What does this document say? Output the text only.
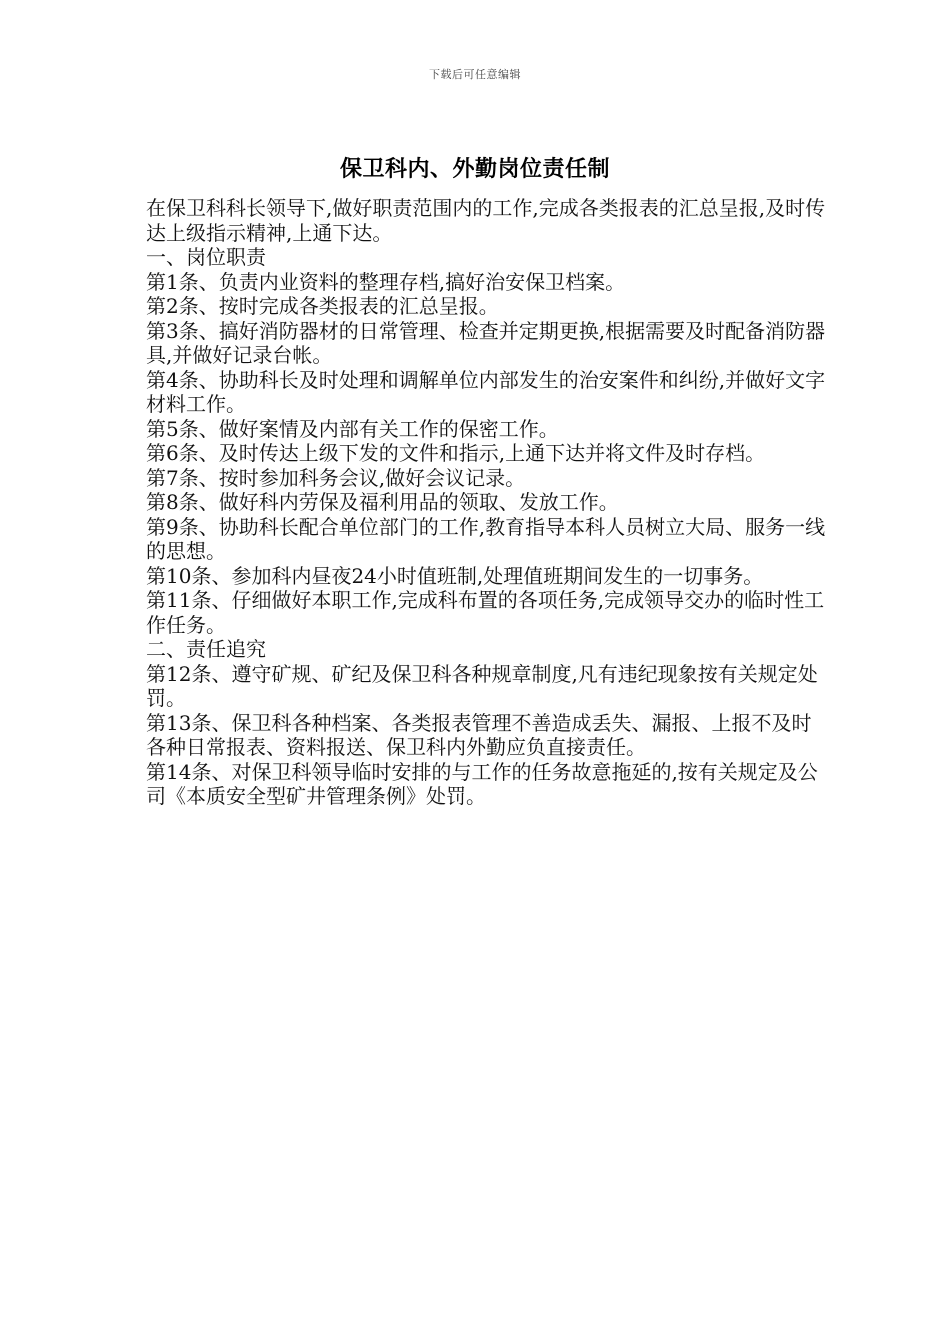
下载后可任意编辑
保卫科内、外勤岗位责任制

在保卫科科长领导下,做好职责范围内的工作,完成各类报表的汇总呈报,及时传达上级指示精神,上通下达。

一、岗位职责

第1条、负责内业资料的整理存档,搞好治安保卫档案。

第2条、按时完成各类报表的汇总呈报。

第3条、搞好消防器材的日常管理、检查并定期更换,根据需要及时配备消防器具,并做好记录台帐。

第4条、协助科长及时处理和调解单位内部发生的治安案件和纠纷,并做好文字材料工作。

第5条、做好案情及内部有关工作的保密工作。

第6条、及时传达上级下发的文件和指示,上通下达并将文件及时存档。

第7条、按时参加科务会议,做好会议记录。

第8条、做好科内劳保及福利用品的领取、发放工作。

第9条、协助科长配合单位部门的工作,教育指导本科人员树立大局、服务一线的思想。

第10条、参加科内昼夜24小时值班制,处理值班期间发生的一切事务。

第11条、仔细做好本职工作,完成科布置的各项任务,完成领导交办的临时性工作任务。

二、责任追究

第12条、遵守矿规、矿纪及保卫科各种规章制度,凡有违纪现象按有关规定处罚。

第13条、保卫科各种档案、各类报表管理不善造成丢失、漏报、上报不及时各种日常报表、资料报送、保卫科内外勤应负直接责任。

第14条、对保卫科领导临时安排的与工作的任务故意拖延的,按有关规定及公司《本质安全型矿井管理条例》处罚。
